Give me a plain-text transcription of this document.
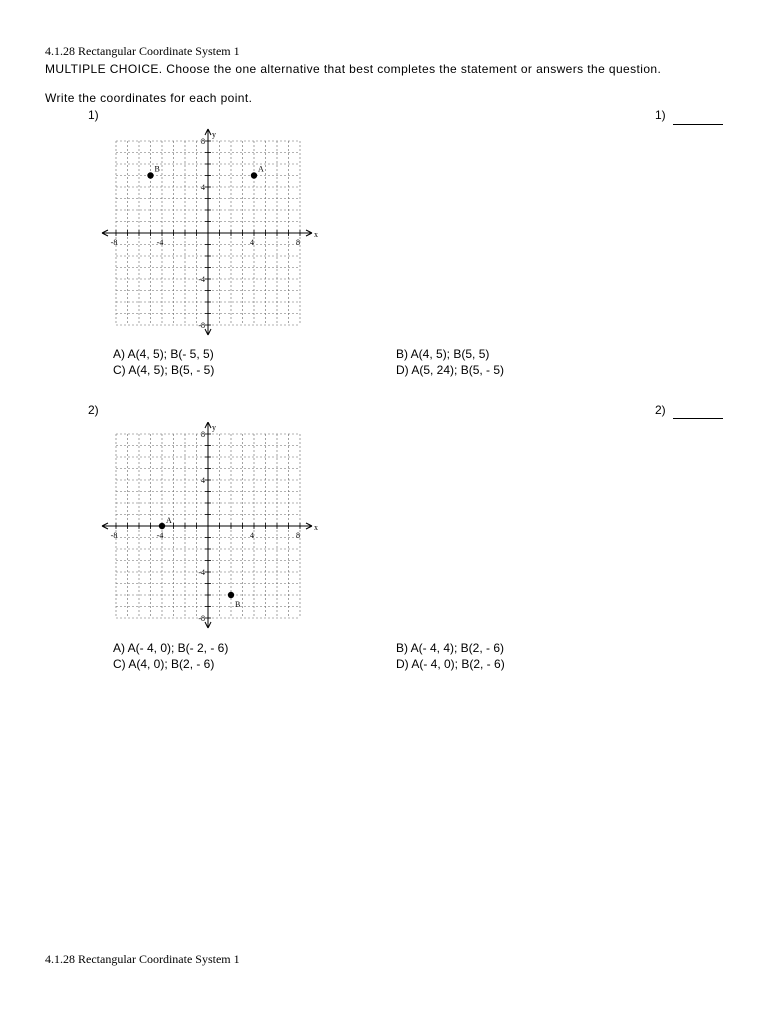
4.1.28 Rectangular Coordinate System 1
MULTIPLE CHOICE. Choose the one alternative that best completes the statement or answers the question.
Write the coordinates for each point.
1)	1)
-8	-4	4	8
8
4
-4
-8
x
y
A
B
A) A(4, 5); B(- 5, 5)	B) A(4, 5); B(5, 5)
C) A(4, 5); B(5, - 5)	D) A(5, 24); B(5, - 5)
2)	2)
-8	-4	4	8
8
4
-4
-8
x
y
A
B
A) A(- 4, 0); B(- 2, - 6)	B) A(- 4, 4); B(2, - 6)
C) A(4, 0); B(2, - 6)	D) A(- 4, 0); B(2, - 6)
4.1.28 Rectangular Coordinate System 1
